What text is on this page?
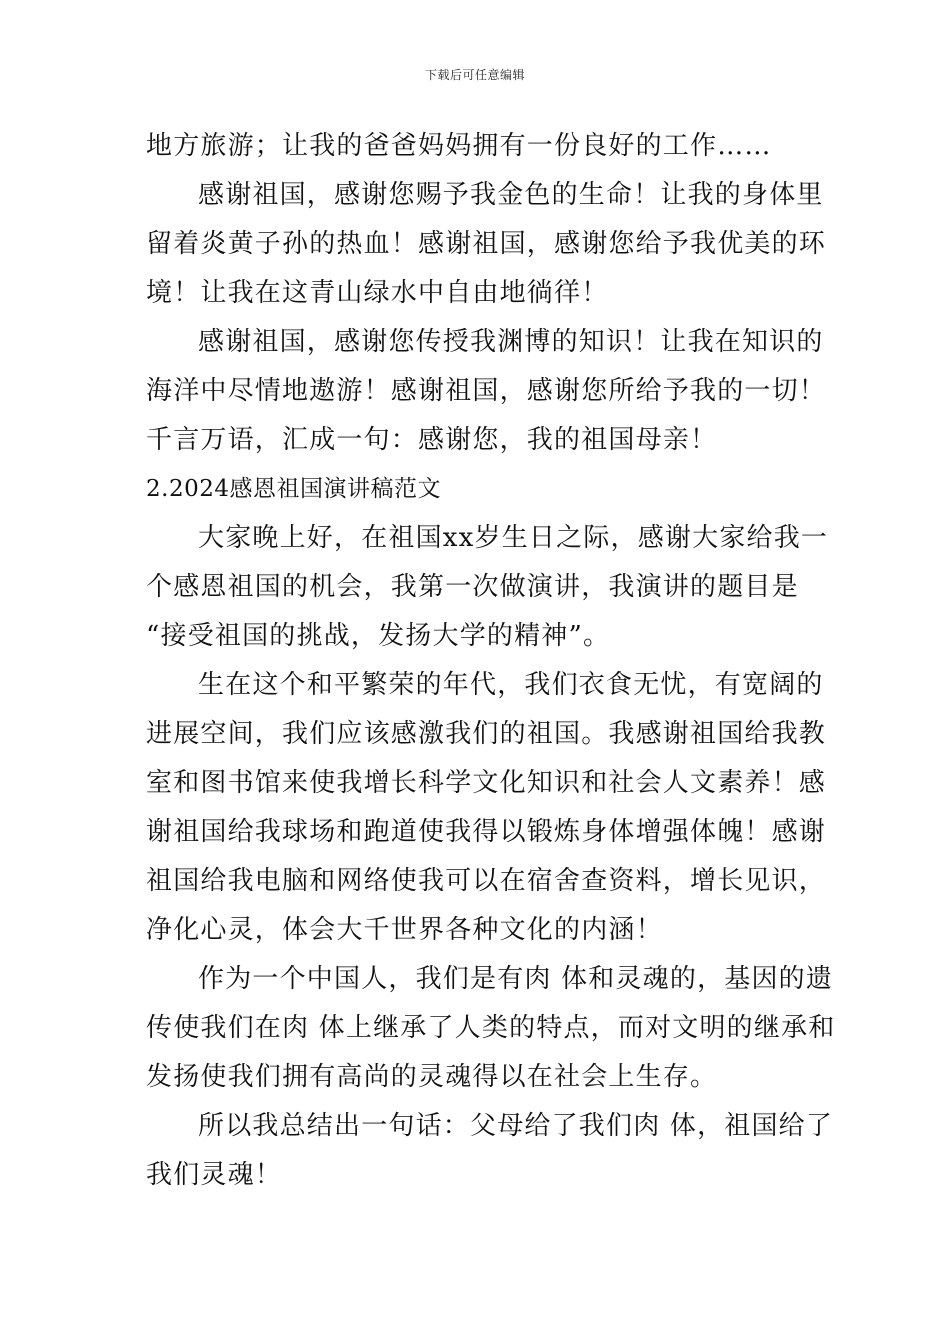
下载后可任意编辑
地方旅游；让我的爸爸妈妈拥有一份良好的工作……
感谢祖国，感谢您赐予我金色的生命！让我的身体里
留着炎黄子孙的热血！感谢祖国，感谢您给予我优美的环
境！让我在这青山绿水中自由地徜徉！
感谢祖国，感谢您传授我渊博的知识！让我在知识的
海洋中尽情地遨游！感谢祖国，感谢您所给予我的一切！
千言万语，汇成一句：感谢您，我的祖国母亲！
2.2024感恩祖国演讲稿范文
大家晚上好，在祖国xx岁生日之际，感谢大家给我一
个感恩祖国的机会，我第一次做演讲，我演讲的题目是
“接受祖国的挑战，发扬大学的精神”。
生在这个和平繁荣的年代，我们衣食无忧，有宽阔的
进展空间，我们应该感激我们的祖国。我感谢祖国给我教
室和图书馆来使我增长科学文化知识和社会人文素养！感
谢祖国给我球场和跑道使我得以锻炼身体增强体魄！感谢
祖国给我电脑和网络使我可以在宿舍查资料，增长见识，
净化心灵，体会大千世界各种文化的内涵！
作为一个中国人，我们是有肉 体和灵魂的，基因的遗
传使我们在肉 体上继承了人类的特点，而对文明的继承和
发扬使我们拥有高尚的灵魂得以在社会上生存。
所以我总结出一句话：父母给了我们肉 体，祖国给了
我们灵魂！
